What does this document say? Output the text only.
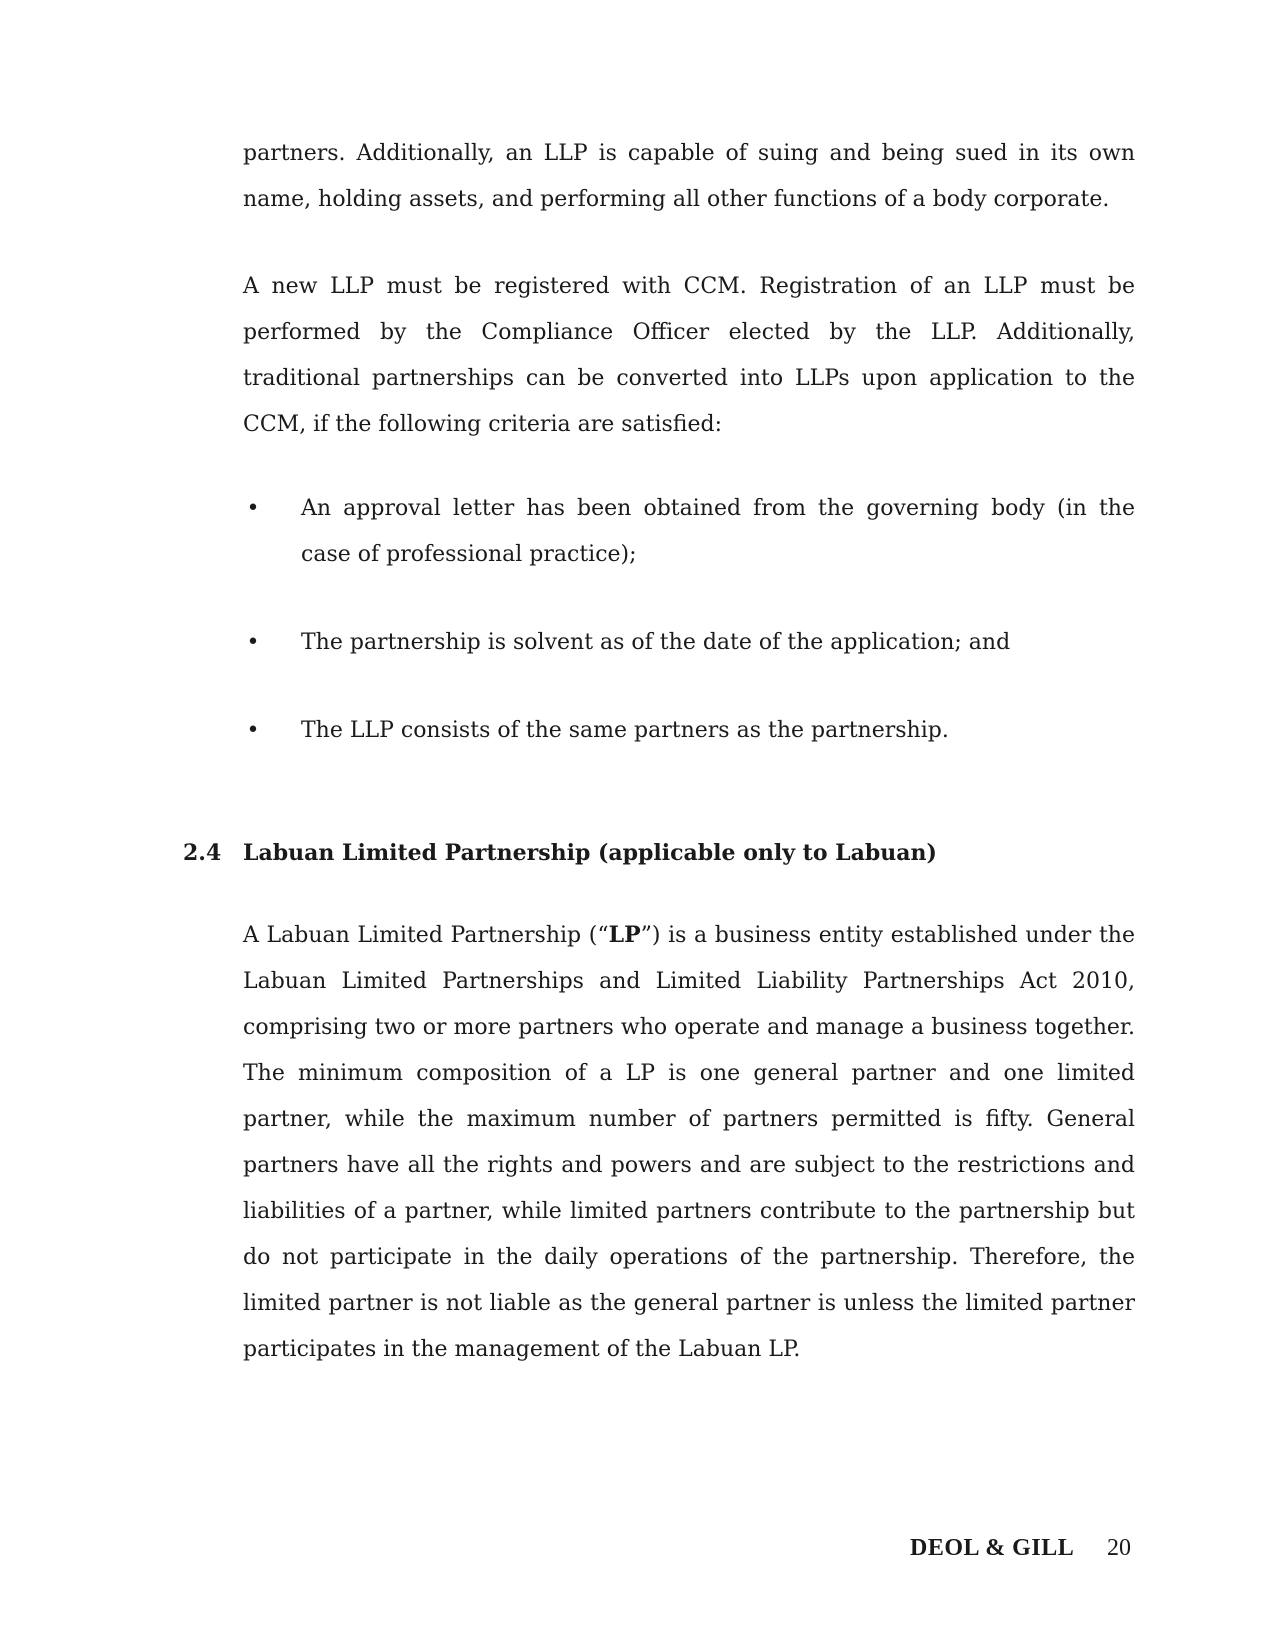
partners. Additionally, an LLP is capable of suing and being sued in its own name, holding assets, and performing all other functions of a body corporate.

A new LLP must be registered with CCM. Registration of an LLP must be performed by the Compliance Officer elected by the LLP. Additionally, traditional partnerships can be converted into LLPs upon application to the CCM, if the following criteria are satisfied:

• An approval letter has been obtained from the governing body (in the case of professional practice);
• The partnership is solvent as of the date of the application; and
• The LLP consists of the same partners as the partnership.
2.4 Labuan Limited Partnership (applicable only to Labuan)

A Labuan Limited Partnership (“LP”) is a business entity established under the Labuan Limited Partnerships and Limited Liability Partnerships Act 2010, comprising two or more partners who operate and manage a business together. The minimum composition of a LP is one general partner and one limited partner, while the maximum number of partners permitted is fifty. General partners have all the rights and powers and are subject to the restrictions and liabilities of a partner, while limited partners contribute to the partnership but do not participate in the daily operations of the partnership. Therefore, the limited partner is not liable as the general partner is unless the limited partner participates in the management of the Labuan LP.

DEOL & GILL 20
